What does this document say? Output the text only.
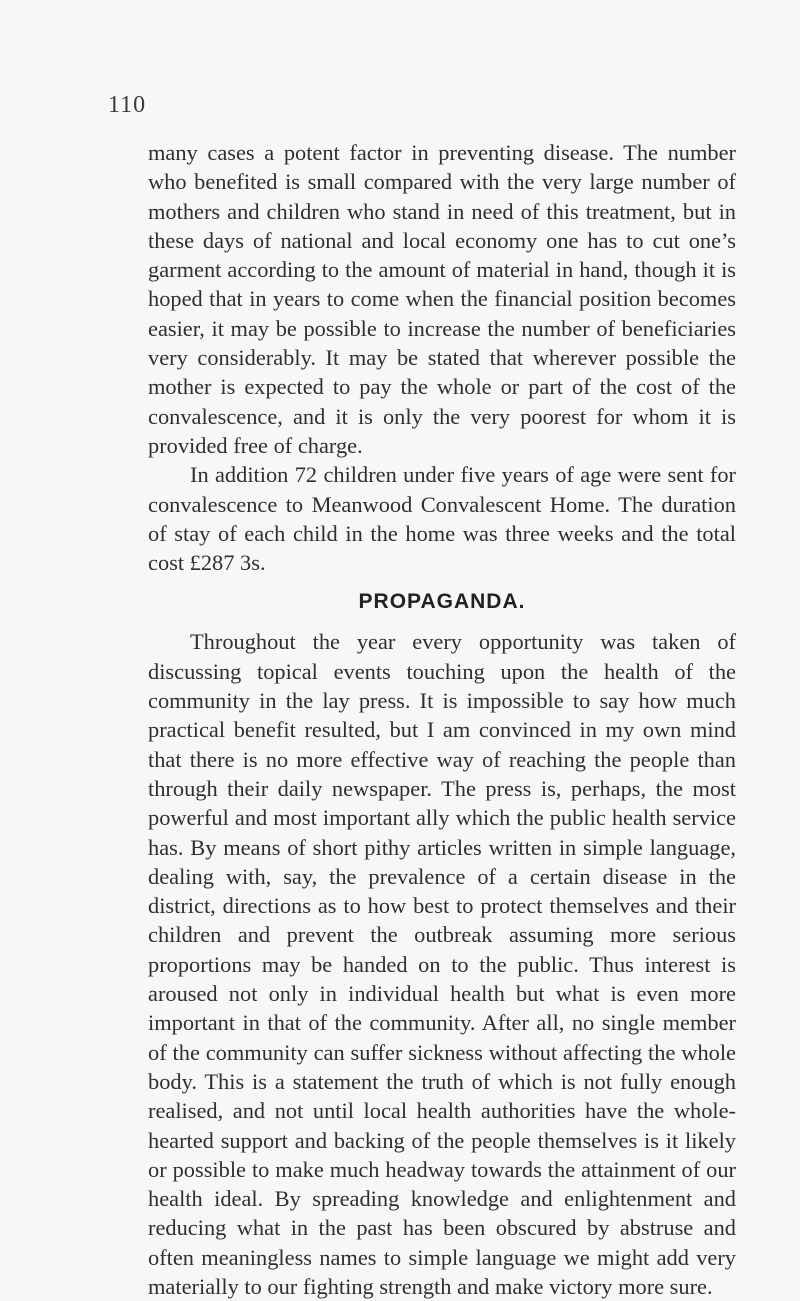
110

many cases a potent factor in preventing disease. The number who benefited is small compared with the very large number of mothers and children who stand in need of this treatment, but in these days of national and local economy one has to cut one’s garment according to the amount of material in hand, though it is hoped that in years to come when the financial position becomes easier, it may be possible to increase the number of beneficiaries very considerably. It may be stated that wherever possible the mother is expected to pay the whole or part of the cost of the convalescence, and it is only the very poorest for whom it is provided free of charge.

In addition 72 children under five years of age were sent for convalescence to Meanwood Convalescent Home. The duration of stay of each child in the home was three weeks and the total cost £287 3s.

PROPAGANDA.

Throughout the year every opportunity was taken of discussing topical events touching upon the health of the community in the lay press. It is impossible to say how much practical benefit resulted, but I am convinced in my own mind that there is no more effective way of reaching the people than through their daily newspaper. The press is, perhaps, the most powerful and most important ally which the public health service has. By means of short pithy articles written in simple language, dealing with, say, the prevalence of a certain disease in the district, directions as to how best to protect themselves and their children and prevent the outbreak assuming more serious proportions may be handed on to the public. Thus interest is aroused not only in individual health but what is even more important in that of the community. After all, no single member of the community can suffer sickness without affecting the whole body. This is a statement the truth of which is not fully enough realised, and not until local health authorities have the whole-hearted support and backing of the people themselves is it likely or possible to make much headway towards the attainment of our health ideal. By spreading knowledge and enlightenment and reducing what in the past has been obscured by abstruse and often meaningless names to simple language we might add very materially to our fighting strength and make victory more sure.
